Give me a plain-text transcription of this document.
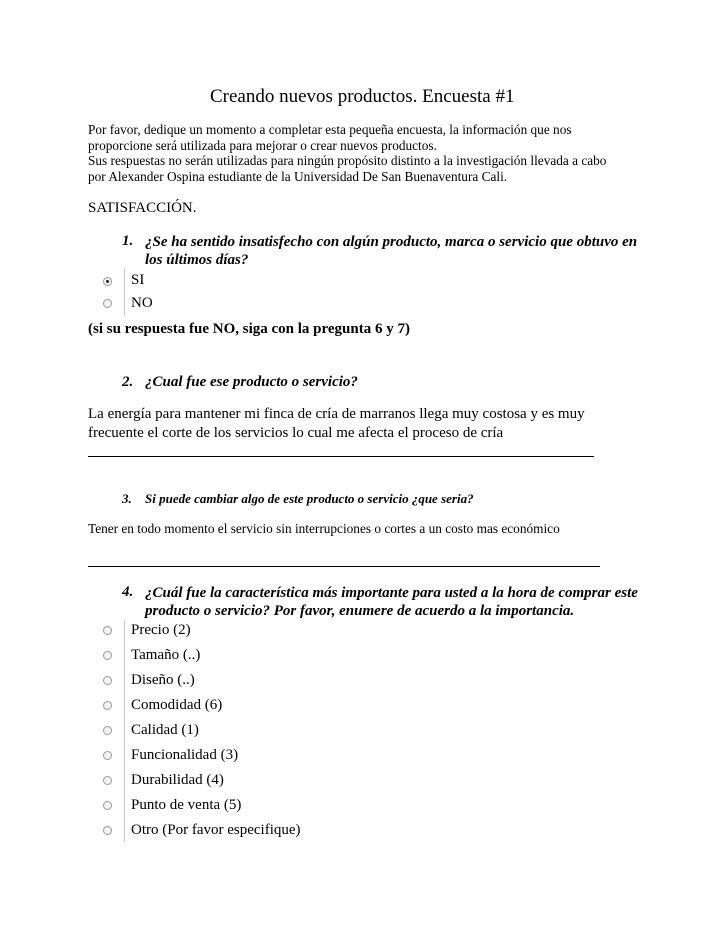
Creando nuevos productos. Encuesta #1
Por favor, dedique un momento a completar esta pequeña encuesta, la información que nos
proporcione será utilizada para mejorar o crear nuevos productos.
Sus respuestas no serán utilizadas para ningún propósito distinto a la investigación llevada a cabo
por Alexander Ospina estudiante de la Universidad De San Buenaventura Cali.
SATISFACCIÓN.
1. ¿Se ha sentido insatisfecho con algún producto, marca o servicio que obtuvo en
los últimos días?
SI
NO
(si su respuesta fue NO, siga con la pregunta 6 y 7)
2. ¿Cual fue ese producto o servicio?
La energía para mantener mi finca de cría de marranos llega muy costosa y es muy
frecuente el corte de los servicios lo cual me afecta el proceso de cría
3. Si puede cambiar algo de este producto o servicio ¿que seria?
Tener en todo momento el servicio sin interrupciones o cortes a un costo mas económico
4. ¿Cuál fue la característica más importante para usted a la hora de comprar este
producto o servicio? Por favor, enumere de acuerdo a la importancia.
Precio (2)
Tamaño (..)
Diseño (..)
Comodidad (6)
Calidad (1)
Funcionalidad (3)
Durabilidad (4)
Punto de venta (5)
Otro (Por favor especifique)
